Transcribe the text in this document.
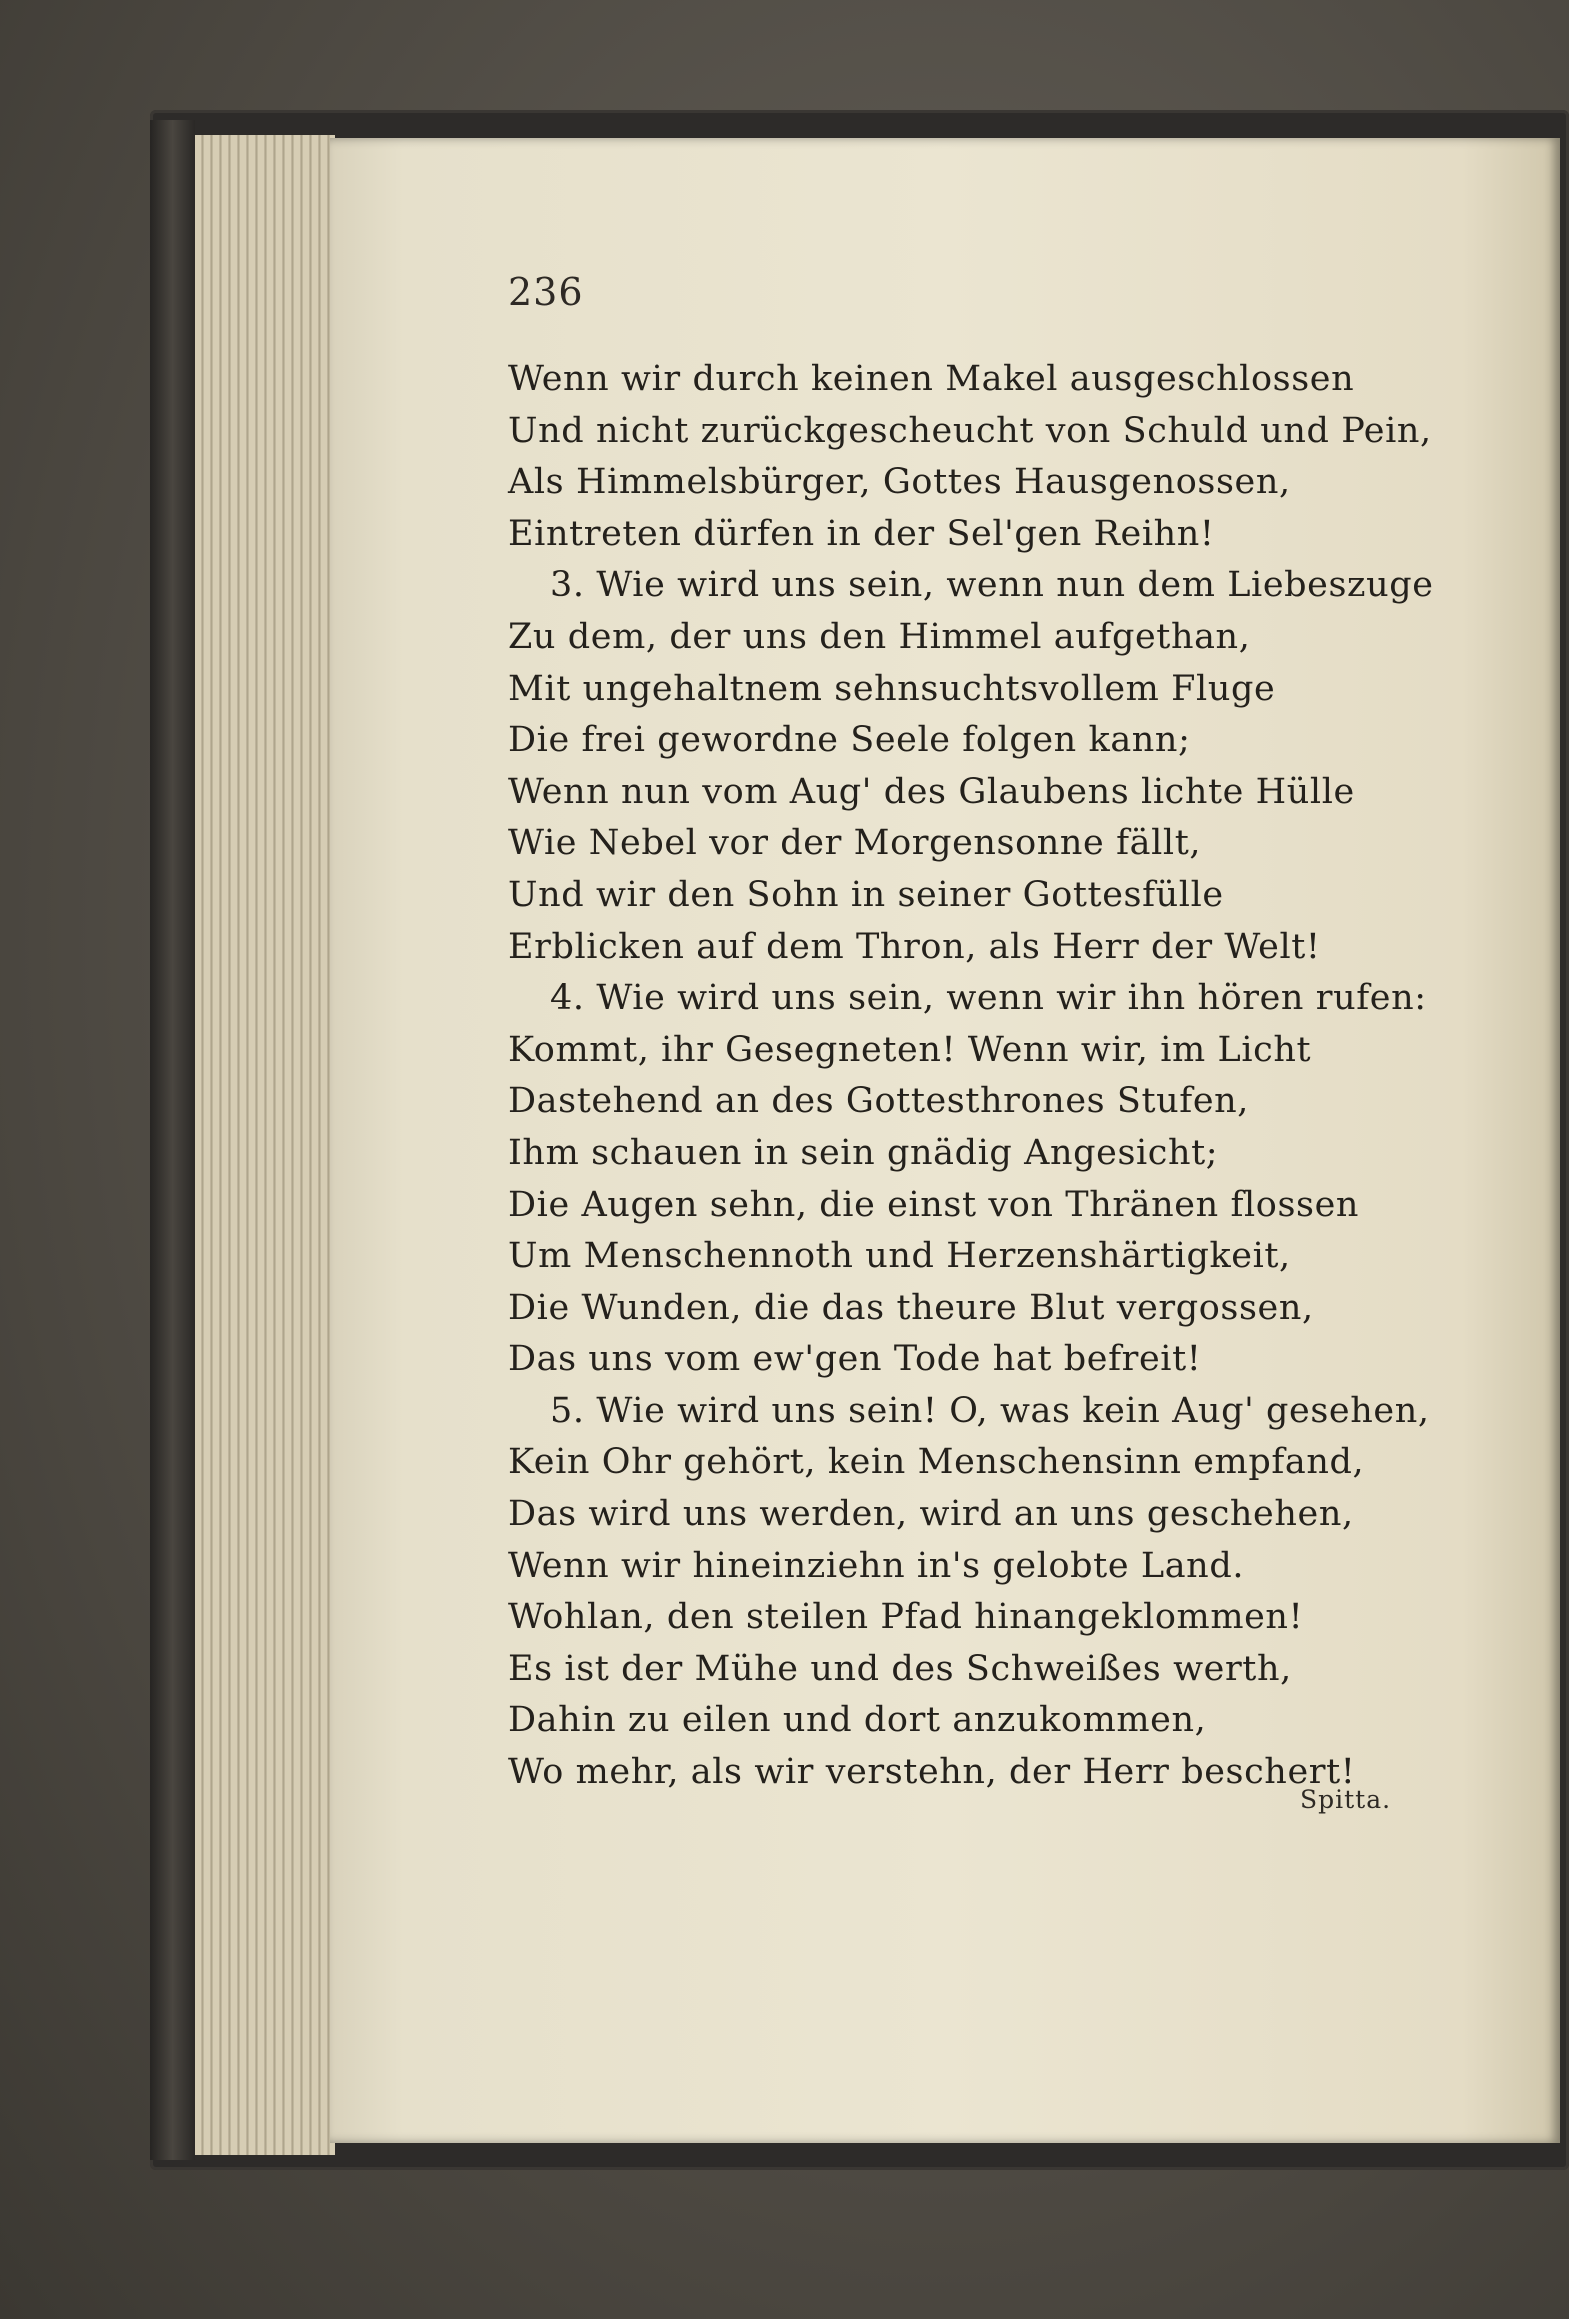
236
Wenn wir durch keinen Makel ausgeschlossen
Und nicht zurückgescheucht von Schuld und Pein,
Als Himmelsbürger, Gottes Hausgenossen,
Eintreten dürfen in der Sel'gen Reihn!
3. Wie wird uns sein, wenn nun dem Liebeszuge
Zu dem, der uns den Himmel aufgethan,
Mit ungehaltnem sehnsuchtsvollem Fluge
Die frei gewordne Seele folgen kann;
Wenn nun vom Aug' des Glaubens lichte Hülle
Wie Nebel vor der Morgensonne fällt,
Und wir den Sohn in seiner Gottesfülle
Erblicken auf dem Thron, als Herr der Welt!
4. Wie wird uns sein, wenn wir ihn hören rufen:
Kommt, ihr Gesegneten! Wenn wir, im Licht
Dastehend an des Gottesthrones Stufen,
Ihm schauen in sein gnädig Angesicht;
Die Augen sehn, die einst von Thränen flossen
Um Menschennoth und Herzenshärtigkeit,
Die Wunden, die das theure Blut vergossen,
Das uns vom ew'gen Tode hat befreit!
5. Wie wird uns sein! O, was kein Aug' gesehen,
Kein Ohr gehört, kein Menschensinn empfand,
Das wird uns werden, wird an uns geschehen,
Wenn wir hineinziehn in's gelobte Land.
Wohlan, den steilen Pfad hinangeklommen!
Es ist der Mühe und des Schweißes werth,
Dahin zu eilen und dort anzukommen,
Wo mehr, als wir verstehn, der Herr beschert!
Spitta.
